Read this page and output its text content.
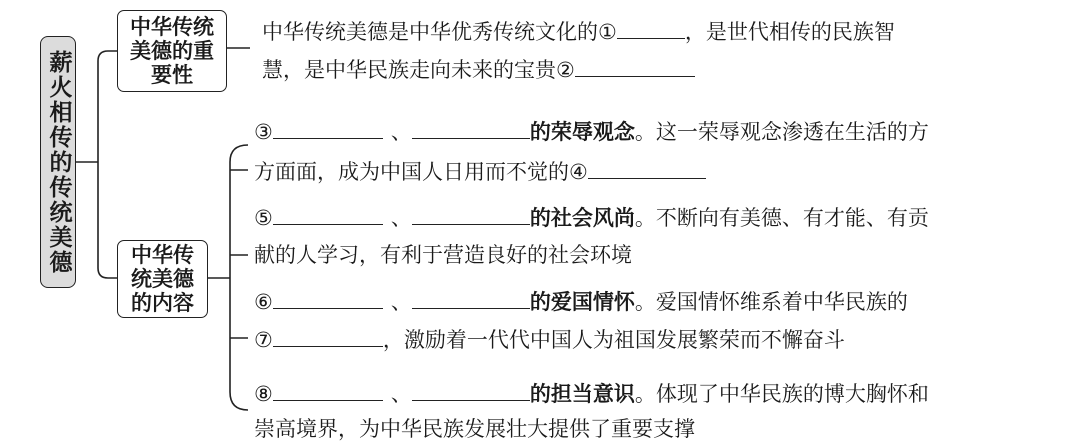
薪火相传的传统美德
中华传统
美德的重
要性
中华传
统美德
的内容
中华传统美德是中华优秀传统文化的①	，是世代相传的民族智
慧，是中华民族走向未来的宝贵②
③	、	的荣辱观念 。这一荣辱观念渗透在生活的方
方面面，成为中国人日用而不觉的④
⑤	、	的社会风尚 。不断向有美德、有才能、有贡
献的人学习，有利于营造良好的社会环境
⑥	、	的爱国情怀 。爱国情怀维系着中华民族的
⑦	，激励着一代代中国人为祖国发展繁荣而不懈奋斗
⑧	、	的担当意识 。体现了中华民族的博大胸怀和
崇高境界，为中华民族发展壮大提供了重要支撑
